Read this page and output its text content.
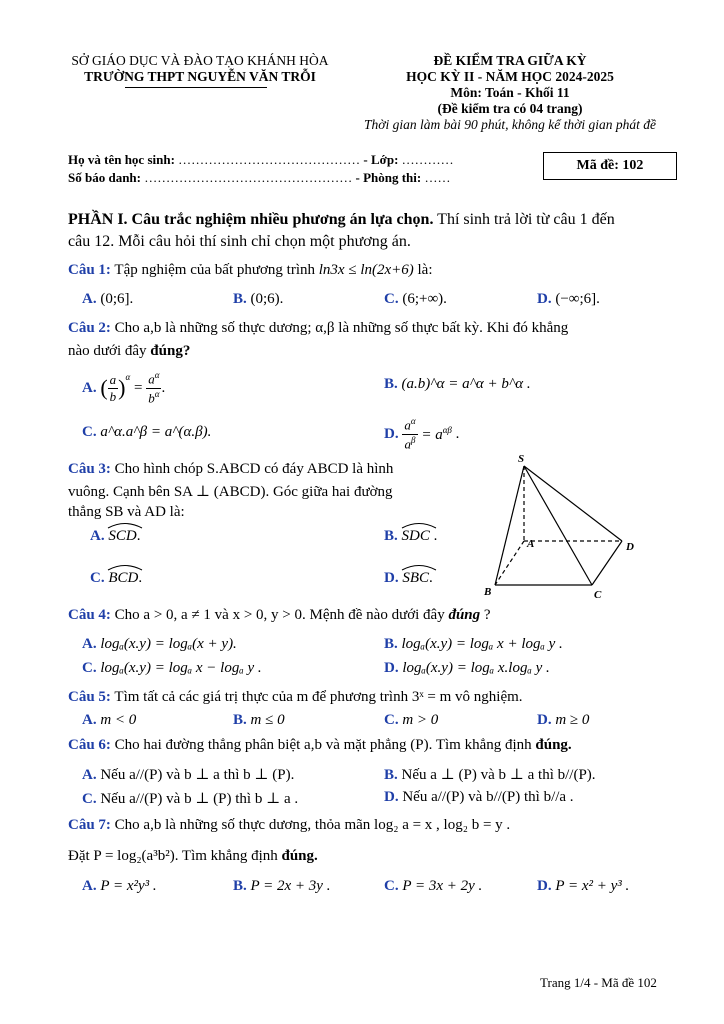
SỞ GIÁO DỤC VÀ ĐÀO TẠO KHÁNH HÒA
TRƯỜNG THPT NGUYỄN VĂN TRỖI
ĐỀ KIỂM TRA GIỮA KỲ
HỌC KỲ II - NĂM HỌC 2024-2025
Môn: Toán - Khối 11
(Đề kiểm tra có 04 trang)
Thời gian làm bài 90 phút, không kể thời gian phát đề
Họ và tên học sinh: …………………………………… - Lớp: …………
Số báo danh: ………………………………………… - Phòng thi: ……
Mã đề: 102
PHẦN I. Câu trắc nghiệm nhiều phương án lựa chọn. Thí sinh trả lời từ câu 1 đến
câu 12. Mỗi câu hỏi thí sinh chỉ chọn một phương án.
Câu 1: Tập nghiệm của bất phương trình ln3x ≤ ln(2x+6) là:
A. (0;6].	B. (0;6).	C. (6;+∞).	D. (−∞;6].
Câu 2: Cho a,b là những số thực dương; α,β là những số thực bất kỳ. Khi đó khẳng
nào dưới đây đúng?
A.
( $\frac{a}{b} )^\alpha$
= $\frac{a^\alpha}{b^\alpha}$ .	B. (a.b)^α = a^α + b^α .
C. a^α.a^β = a^(α.β).	D.
$\frac{a^\alpha}{a^\beta}$
= $a^{\alpha\beta}$ .
Câu 3: Cho hình chóp S.ABCD có đáy ABCD là hình
vuông. Cạnh bên SA ⊥ (ABCD). Góc giữa hai đường
thẳng SB và AD là:
A. SCD.	B. SDC .
C. BCD.	D. SBC.
S
A
B	C
D
Câu 4: Cho a > 0, a ≠ 1 và x > 0, y > 0. Mệnh đề nào dưới đây đúng ?
A. logₐ(x.y) = logₐ(x + y).	B. logₐ(x.y) = logₐ x + logₐ y .
C. logₐ(x.y) = logₐ x − logₐ y .	D. logₐ(x.y) = logₐ x.logₐ y .
Câu 5: Tìm tất cả các giá trị thực của m để phương trình 3ˣ = m vô nghiệm.
A. m < 0	B. m ≤ 0	C. m > 0	D. m ≥ 0
Câu 6: Cho hai đường thẳng phân biệt a,b và mặt phẳng (P). Tìm khẳng định đúng.
A. Nếu a//(P) và b ⊥ a thì b ⊥ (P).	B. Nếu a ⊥ (P) và b ⊥ a thì b//(P).
C. Nếu a//(P) và b ⊥ (P) thì b ⊥ a .	D. Nếu a//(P) và b//(P) thì b//a .
Câu 7: Cho a,b là những số thực dương, thỏa mãn log₂ a = x , log₂ b = y .
Đặt P = log₂(a³b²). Tìm khẳng định đúng.
A. P = x²y³ .	B. P = 2x + 3y .	C. P = 3x + 2y .	D. P = x² + y³ .
Trang 1/4 - Mã đề 102
